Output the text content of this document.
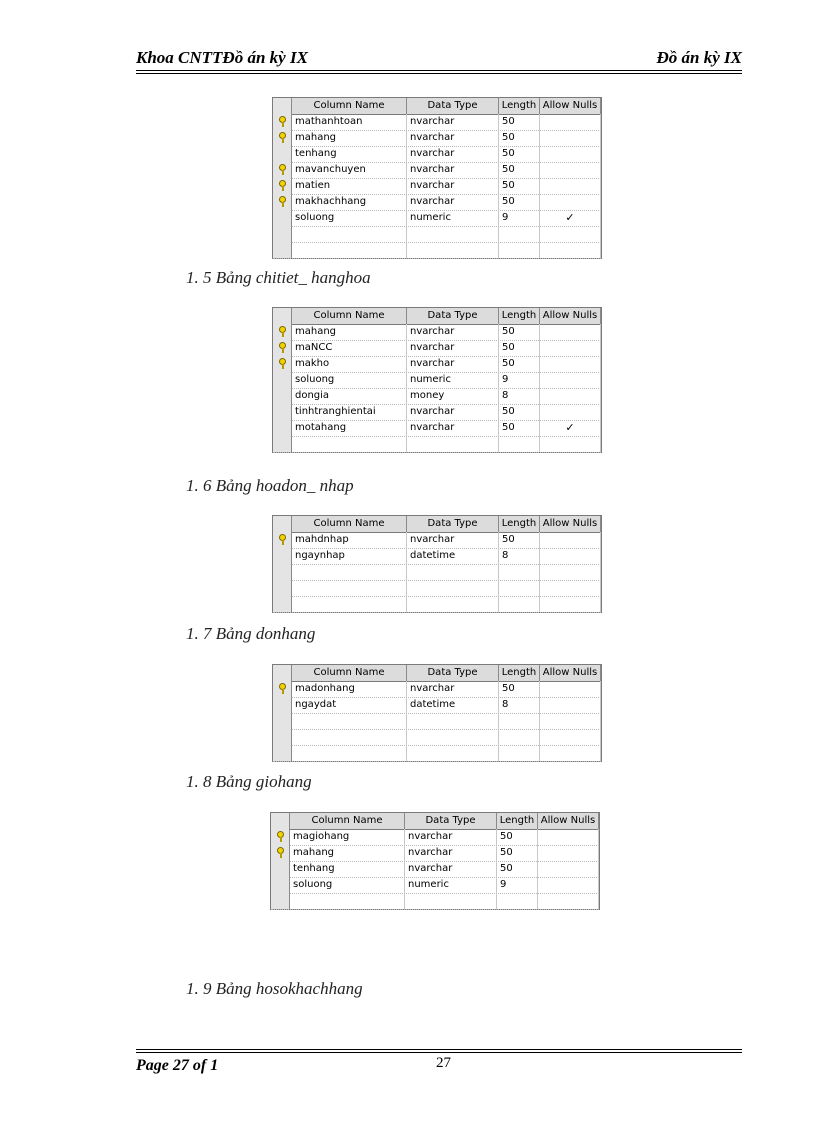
Khoa CNTTĐồ án kỳ IX	Đồ án kỳ IX
Column Name	Data Type	Length Allow Nulls
mathanhtoan	nvarchar	50
mahang	nvarchar	50
tenhang	nvarchar	50
mavanchuyen	nvarchar	50
matien	nvarchar	50
makhachhang	nvarchar	50
soluong	numeric	9	✓
1. 5 Bảng chitiet_ hanghoa
Column Name	Data Type	Length Allow Nulls
mahang	nvarchar	50
maNCC	nvarchar	50
makho	nvarchar	50
soluong	numeric	9
dongia	money	8
tinhtranghientai	nvarchar	50
motahang	nvarchar	50	✓
1. 6 Bảng hoadon_ nhap
Column Name	Data Type	Length Allow Nulls
mahdnhap	nvarchar	50
ngaynhap	datetime	8
1. 7 Bảng donhang
Column Name	Data Type	Length Allow Nulls
madonhang	nvarchar	50
ngaydat	datetime	8
1. 8 Bảng giohang
Column Name	Data Type	Length Allow Nulls
magiohang	nvarchar	50
mahang	nvarchar	50
tenhang	nvarchar	50
soluong	numeric	9
1. 9 Bảng hosokhachhang
Page 27 of 1	27
